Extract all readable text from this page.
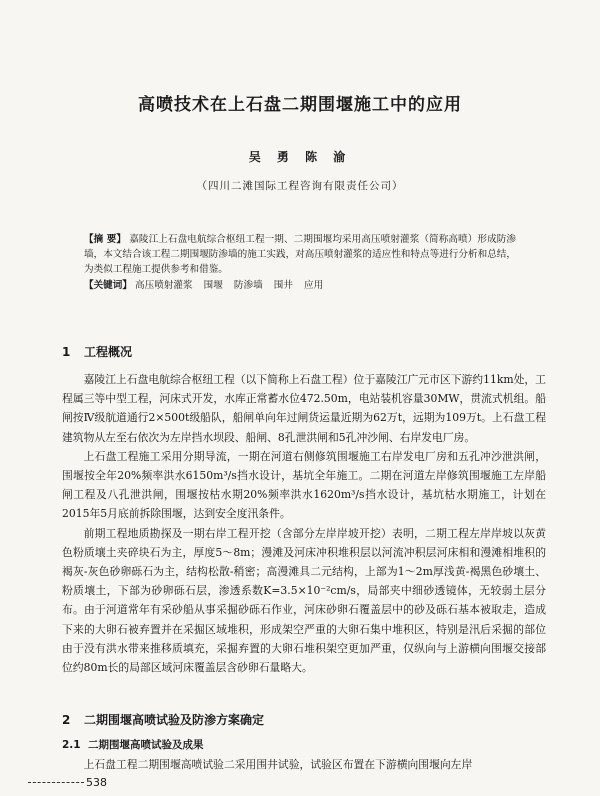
高喷技术在上石盘二期围堰施工中的应用
吴 勇 陈 渝
（四川二滩国际工程咨询有限责任公司）
【摘 要】 嘉陵江上石盘电航综合枢纽工程一期、二期围堰均采用高压喷射灌浆（简称高喷）形成防渗墙，本文结合该工程二期围堰防渗墙的施工实践，对高压喷射灌浆的适应性和特点等进行分析和总结，为类似工程施工提供参考和借鉴。
【关键词】 高压喷射灌浆 围堰 防渗墙 围井 应用
1 工程概况

嘉陵江上石盘电航综合枢纽工程（以下简称上石盘工程）位于嘉陵江广元市区下游约11km处，工程属三等中型工程，河床式开发，水库正常蓄水位472.50m，电站装机容量30MW，贯流式机组。船闸按Ⅳ级航道通行2×500t级船队，船闸单向年过闸货运量近期为62万t，远期为109万t。上石盘工程建筑物从左至右依次为左岸挡水坝段、船闸、8孔泄洪闸和5孔冲沙闸、右岸发电厂房。

上石盘工程施工采用分期导流，一期在河道右侧修筑围堰施工右岸发电厂房和五孔冲沙泄洪闸，围堰按全年20%频率洪水6150m³/s挡水设计，基坑全年施工。二期在河道左岸修筑围堰施工左岸船闸工程及八孔泄洪闸，围堰按枯水期20%频率洪水1620m³/s挡水设计，基坑枯水期施工，计划在2015年5月底前拆除围堰，达到安全度汛条件。

前期工程地质勘探及一期右岸工程开挖（含部分左岸岸坡开挖）表明，二期工程左岸岸坡以灰黄色粉质壤土夹碎块石为主，厚度5～8m；漫滩及河床冲积堆积层以河流冲积层河床相和漫滩相堆积的褐灰-灰色砂卵砾石为主，结构松散-稍密；高漫滩具二元结构，上部为1～2m厚浅黄-褐黑色砂壤土、粉质壤土，下部为砂卵砾石层，渗透系数K=3.5×10⁻²cm/s，局部夹中细砂透镜体，无较弱土层分布。由于河道常年有采砂船从事采掘砂砾石作业，河床砂卵石覆盖层中的砂及砾石基本被取走，造成下来的大卵石被弃置并在采掘区域堆积，形成架空严重的大卵石集中堆积区，特别是汛后采掘的部位由于没有洪水带来推移质填充，采掘弃置的大卵石堆积架空更加严重，仅纵向与上游横向围堰交接部位约80m长的局部区域河床覆盖层含砂卵石量略大。

2 二期围堰高喷试验及防渗方案确定
2.1 二期围堰高喷试验及成果

上石盘工程二期围堰高喷试验二采用围井试验，试验区布置在下游横向围堰向左岸

538
